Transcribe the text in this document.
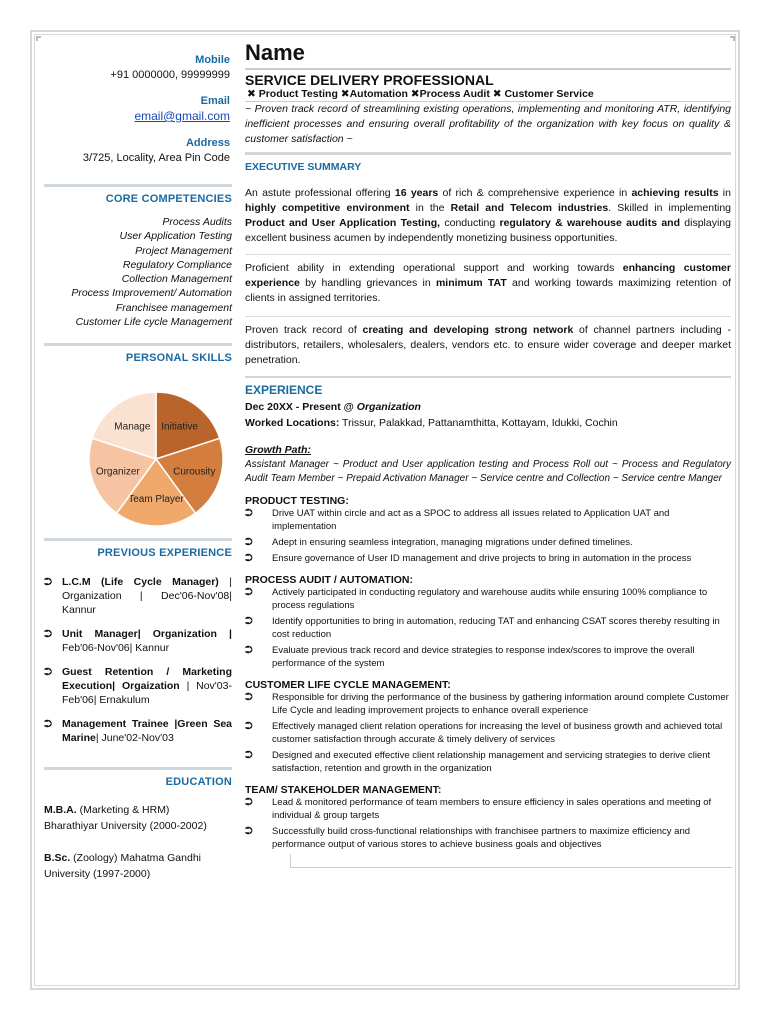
Mobile
+91 0000000, 99999999
Email
email@gmail.com
Address
3/725, Locality, Area Pin Code
CORE COMPETENCIES
Process Audits
User Application Testing
Project Management
Regulatory Compliance
Collection Management
Process Improvement/ Automation
Franchisee management
Customer Life cycle Management
PERSONAL SKILLS
Initiative
Curousity
Team Player
Organizer
Manage
PREVIOUS EXPERIENCE
⮊ L.C.M (Life Cycle Manager) | Organization | Dec'06-Nov'08| Kannur
⮊ Unit Manager| Organization | Feb'06-Nov'06| Kannur
⮊ Guest Retention / Marketing Execution| Orgaization | Nov'03-Feb'06| Ernakulum
⮊ Management Trainee |Green Sea Marine| June'02-Nov'03
EDUCATION
M.B.A. (Marketing & HRM)
Bharathiyar University (2000-2002)
B.Sc. (Zoology) Mahatma Gandhi
University (1997-2000)
Name
SERVICE DELIVERY PROFESSIONAL
✖ Product Testing ✖Automation ✖Process Audit ✖ Customer Service
~ Proven track record of streamlining existing operations, implementing and monitoring ATR, identifying inefficient processes and ensuring overall profitability of the organization with key focus on quality & customer satisfaction ~
EXECUTIVE SUMMARY
An astute professional offering 16 years of rich & comprehensive experience in achieving results in highly competitive environment in the Retail and Telecom industries. Skilled in implementing Product and User Application Testing, conducting regulatory & warehouse audits and displaying excellent business acumen by independently monetizing business opportunities.
Proficient ability in extending operational support and working towards enhancing customer experience by handling grievances in minimum TAT and working towards maximizing retention of clients in assigned territories.
Proven track record of creating and developing strong network of channel partners including - distributors, retailers, wholesalers, dealers, vendors etc. to ensure wider coverage and deeper market penetration.
EXPERIENCE
Dec 20XX - Present @ Organization
Worked Locations: Trissur, Palakkad, Pattanamthitta, Kottayam, Idukki, Cochin
Growth Path:
Assistant Manager ~ Product and User application testing and Process Roll out ~ Process and Regulatory Audit Team Member ~ Prepaid Activation Manager ~ Service centre and Collection ~ Service centre Manger
PRODUCT TESTING:
⮊	Drive UAT within circle and act as a SPOC to address all issues related to Application UAT and implementation
⮊	Adept in ensuring seamless integration, managing migrations under defined timelines.
⮊	Ensure governance of User ID management and drive projects to bring in automation in the process
PROCESS AUDIT / AUTOMATION:
⮊	Actively participated in conducting regulatory and warehouse audits while ensuring 100% compliance to process regulations
⮊	Identify opportunities to bring in automation, reducing TAT and enhancing CSAT scores thereby resulting in cost reduction
⮊	Evaluate previous track record and device strategies to response index/scores to improve the overall performance of the system
CUSTOMER LIFE CYCLE MANAGEMENT:
⮊	Responsible for driving the performance of the business by gathering information around complete Customer Life Cycle and leading improvement projects to enhance overall experience
⮊	Effectively managed client relation operations for increasing the level of business growth and achieved total customer satisfaction through accurate & timely delivery of services
⮊	Designed and executed effective client relationship management and servicing strategies to derive client satisfaction, retention and growth in the organization
TEAM/ STAKEHOLDER MANAGEMENT:
⮊	Lead & monitored performance of team members to ensure efficiency in sales operations and meeting of individual & group targets
⮊	Successfully build cross-functional relationships with franchisee partners to maximize efficiency and performance output of various stores to achieve business goals and objectives
